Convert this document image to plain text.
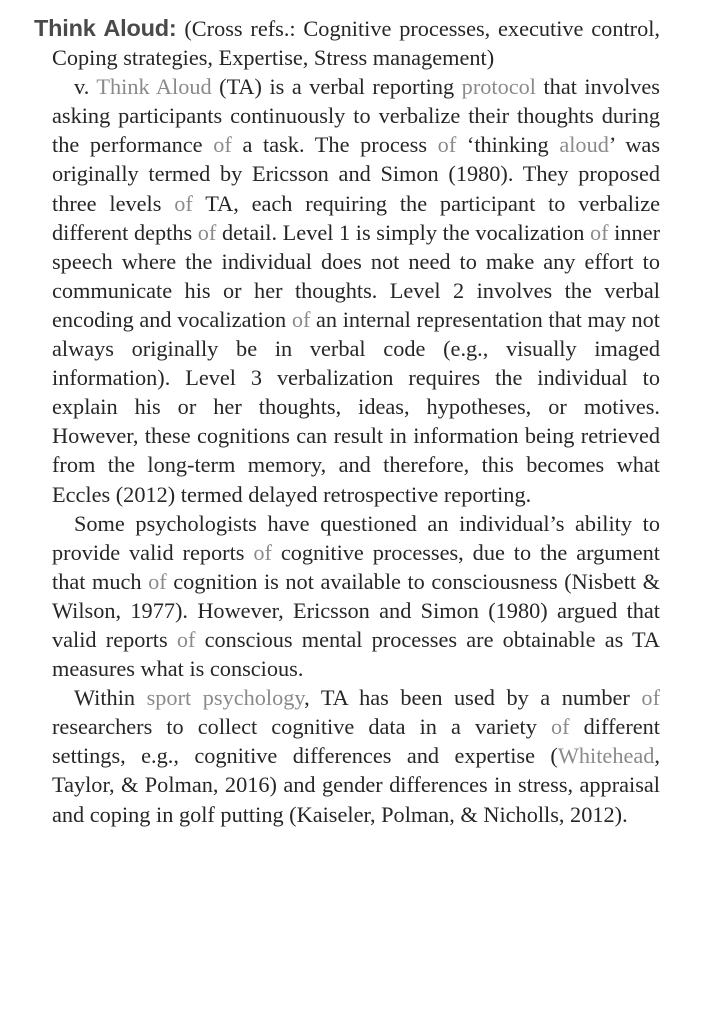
Think Aloud: (Cross refs.: Cognitive processes, executive control, Coping strategies, Expertise, Stress management)

v. Think Aloud (TA) is a verbal reporting protocol that involves asking participants continuously to verbalize their thoughts during the performance of a task. The process of ‘thinking aloud’ was originally termed by Ericsson and Simon (1980). They proposed three levels of TA, each requiring the participant to verbalize different depths of detail. Level 1 is simply the vocalization of inner speech where the individual does not need to make any effort to communicate his or her thoughts. Level 2 involves the verbal encoding and vocalization of an internal representation that may not always originally be in verbal code (e.g., visually imaged information). Level 3 verbalization requires the individual to explain his or her thoughts, ideas, hypotheses, or motives. However, these cognitions can result in information being retrieved from the long-term memory, and therefore, this becomes what Eccles (2012) termed delayed retrospective reporting.

Some psychologists have questioned an individual’s ability to provide valid reports of cognitive processes, due to the argument that much of cognition is not available to consciousness (Nisbett & Wilson, 1977). However, Ericsson and Simon (1980) argued that valid reports of conscious mental processes are obtainable as TA measures what is conscious.

Within sport psychology, TA has been used by a number of researchers to collect cognitive data in a variety of different settings, e.g., cognitive differences and expertise (Whitehead, Taylor, & Polman, 2016) and gender differences in stress, appraisal and coping in golf putting (Kaiseler, Polman, & Nicholls, 2012).
